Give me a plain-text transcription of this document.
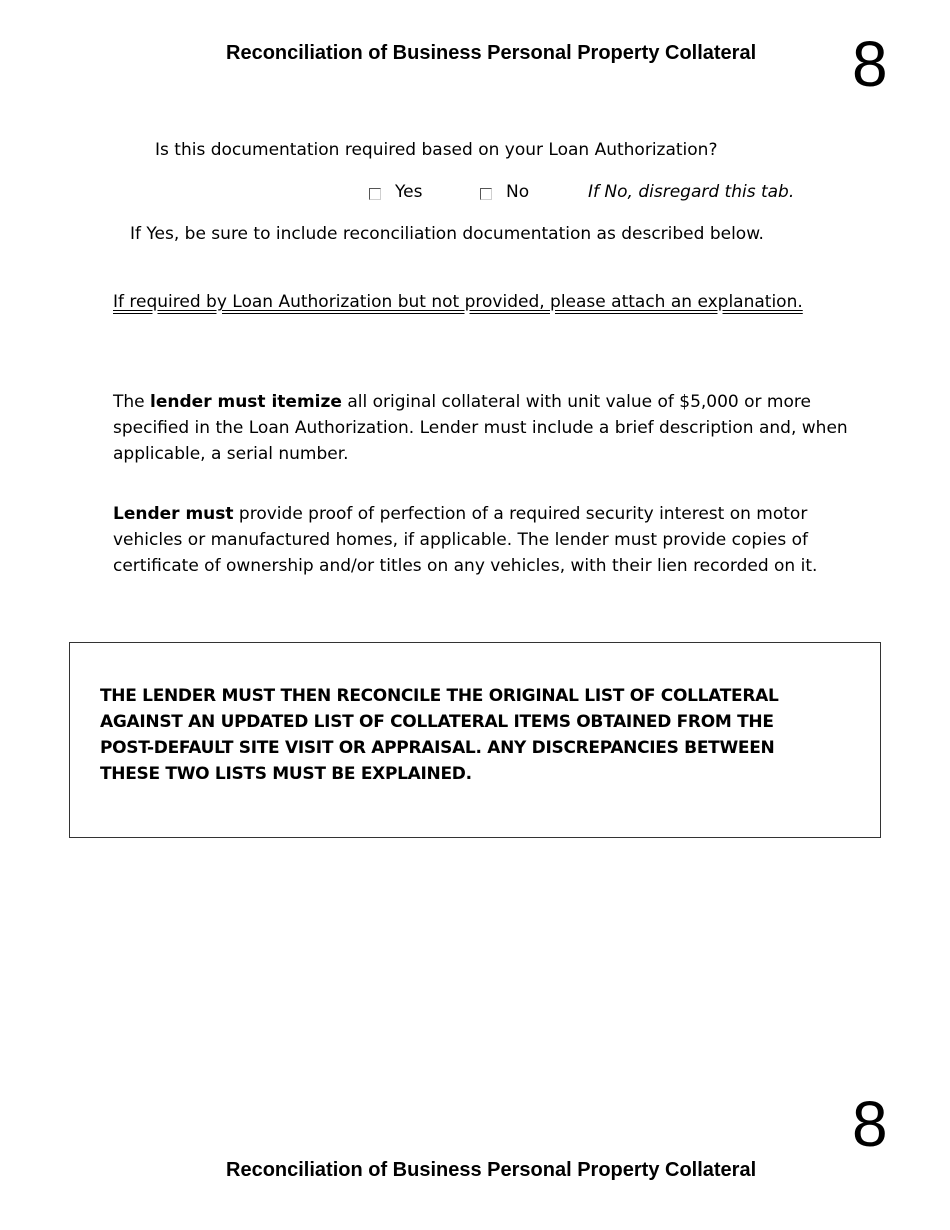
Reconciliation of Business Personal Property Collateral 8
Is this documentation required based on your Loan Authorization?
Yes	No	If No, disregard this tab.
If Yes, be sure to include reconciliation documentation as described below.
If required by Loan Authorization but not provided, please attach an explanation.
The lender must itemize all original collateral with unit value of $5,000 or more specified in the Loan Authorization. Lender must include a brief description and, when applicable, a serial number.
Lender must provide proof of perfection of a required security interest on motor vehicles or manufactured homes, if applicable. The lender must provide copies of certificate of ownership and/or titles on any vehicles, with their lien recorded on it.
THE LENDER MUST THEN RECONCILE THE ORIGINAL LIST OF COLLATERAL AGAINST AN UPDATED LIST OF COLLATERAL ITEMS OBTAINED FROM THE POST-DEFAULT SITE VISIT OR APPRAISAL. ANY DISCREPANCIES BETWEEN THESE TWO LISTS MUST BE EXPLAINED.
8
Reconciliation of Business Personal Property Collateral
